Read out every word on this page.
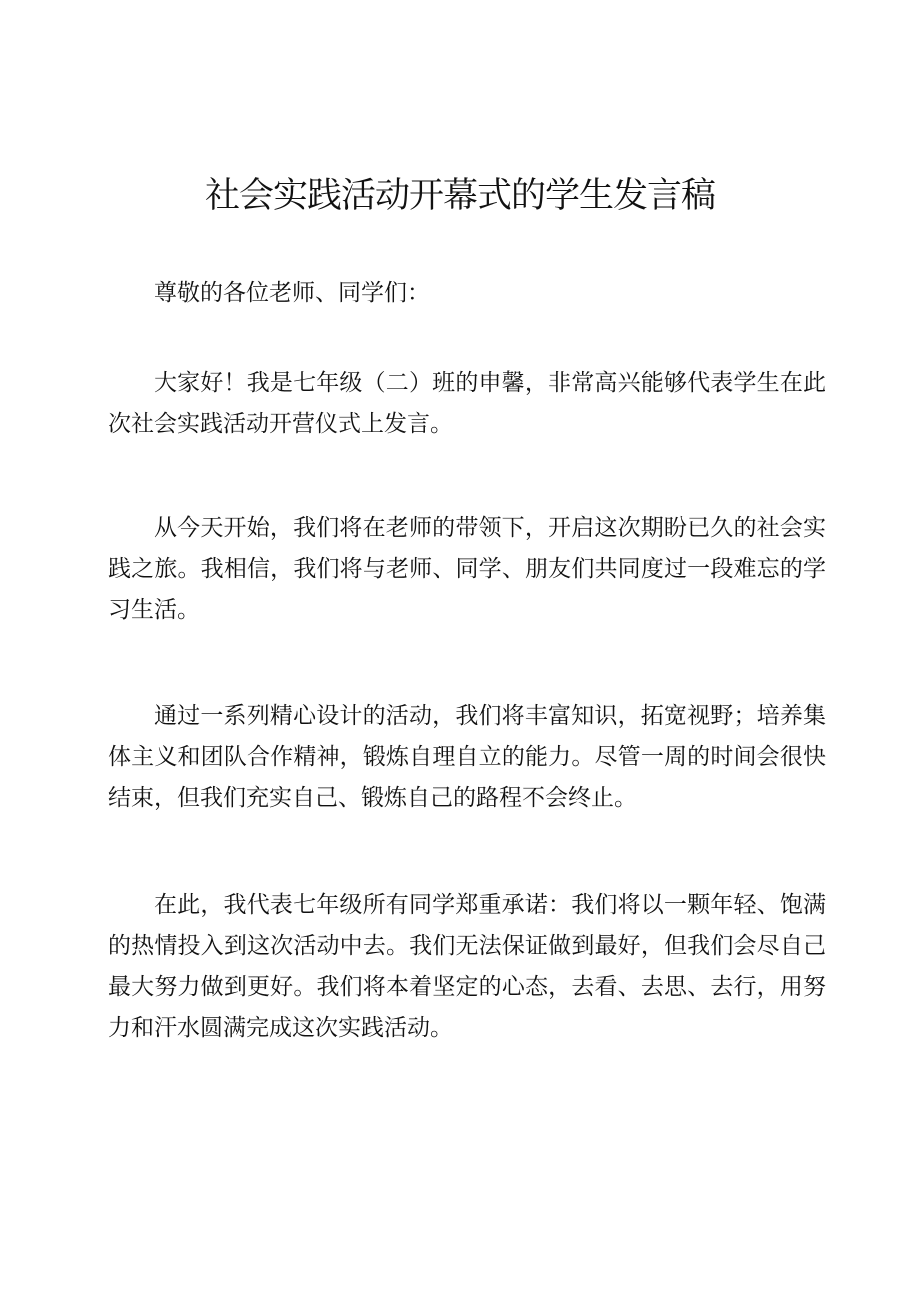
社会实践活动开幕式的学生发言稿

尊敬的各位老师、同学们：

大家好！我是七年级（二）班的申馨，非常高兴能够代表学生在此次社会实践活动开营仪式上发言。

从今天开始，我们将在老师的带领下，开启这次期盼已久的社会实践之旅。我相信，我们将与老师、同学、朋友们共同度过一段难忘的学习生活。

通过一系列精心设计的活动，我们将丰富知识，拓宽视野；培养集体主义和团队合作精神，锻炼自理自立的能力。尽管一周的时间会很快结束，但我们充实自己、锻炼自己的路程不会终止。

在此，我代表七年级所有同学郑重承诺：我们将以一颗年轻、饱满的热情投入到这次活动中去。我们无法保证做到最好，但我们会尽自己最大努力做到更好。我们将本着坚定的心态，去看、去思、去行，用努力和汗水圆满完成这次实践活动。
